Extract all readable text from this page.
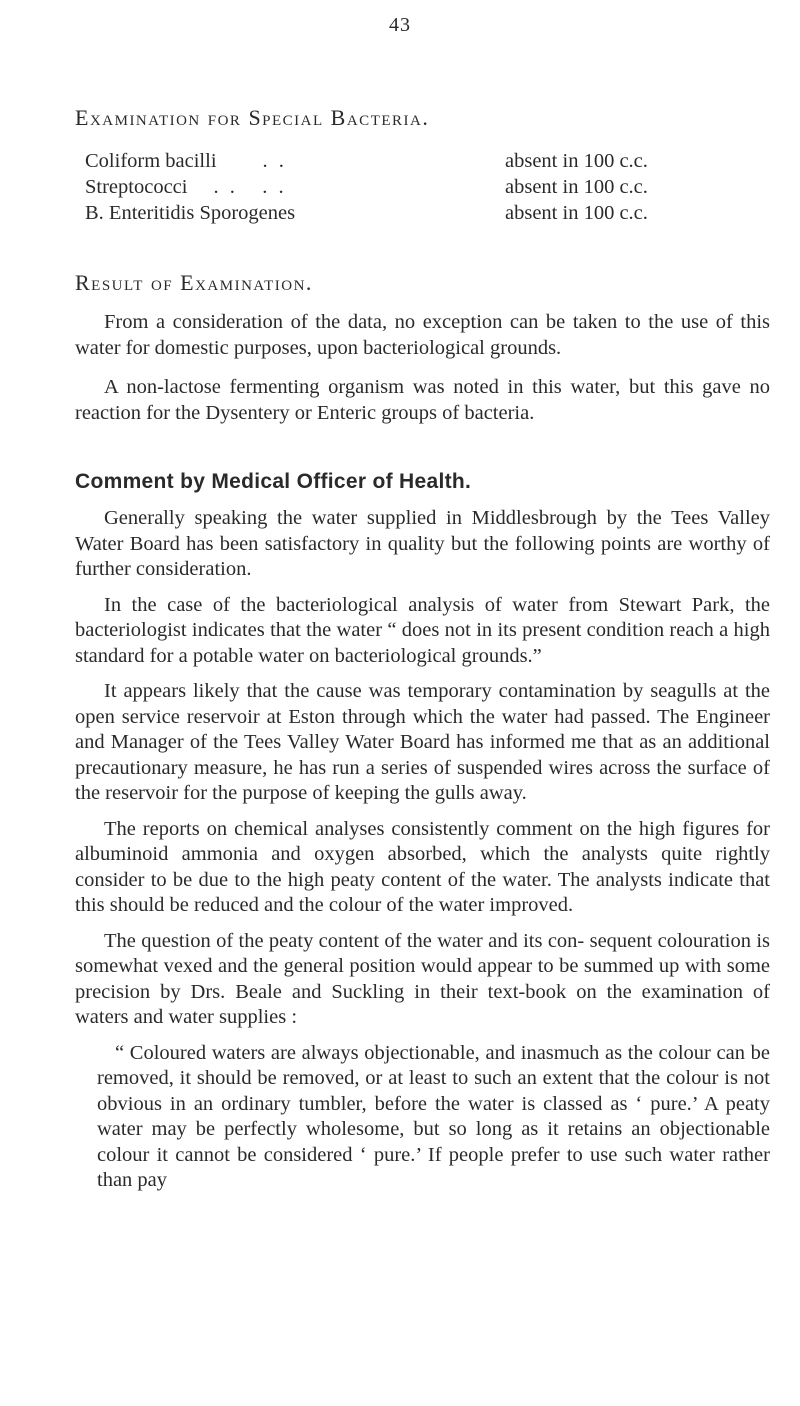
43
Examination for Special Bacteria.
Coliform bacilli . .	absent in 100 c.c.
Streptococci . .   . .	absent in 100 c.c.
B. Enteritidis Sporogenes	absent in 100 c.c.
Result of Examination.

From a consideration of the data, no exception can be taken to the use of this water for domestic purposes, upon bacteriological grounds.

A non-lactose fermenting organism was noted in this water, but this gave no reaction for the Dysentery or Enteric groups of bacteria.

Comment by Medical Officer of Health.

Generally speaking the water supplied in Middlesbrough by the Tees Valley Water Board has been satisfactory in quality but the following points are worthy of further consideration.

In the case of the bacteriological analysis of water from Stewart Park, the bacteriologist indicates that the water “ does not in its present condition reach a high standard for a potable water on bacteriological grounds.”

It appears likely that the cause was temporary contamination by seagulls at the open service reservoir at Eston through which the water had passed. The Engineer and Manager of the Tees Valley Water Board has informed me that as an additional precautionary measure, he has run a series of suspended wires across the surface of the reservoir for the purpose of keeping the gulls away.

The reports on chemical analyses consistently comment on the high figures for albuminoid ammonia and oxygen absorbed, which the analysts quite rightly consider to be due to the high peaty content of the water. The analysts indicate that this should be reduced and the colour of the water improved.

The question of the peaty content of the water and its con- sequent colouration is somewhat vexed and the general position would appear to be summed up with some precision by Drs. Beale and Suckling in their text-book on the examination of waters and water supplies :

“ Coloured waters are always objectionable, and inasmuch as the colour can be removed, it should be removed, or at least to such an extent that the colour is not obvious in an ordinary tumbler, before the water is classed as ‘ pure.’ A peaty water may be perfectly wholesome, but so long as it retains an objectionable colour it cannot be considered ‘ pure.’ If people prefer to use such water rather than pay
